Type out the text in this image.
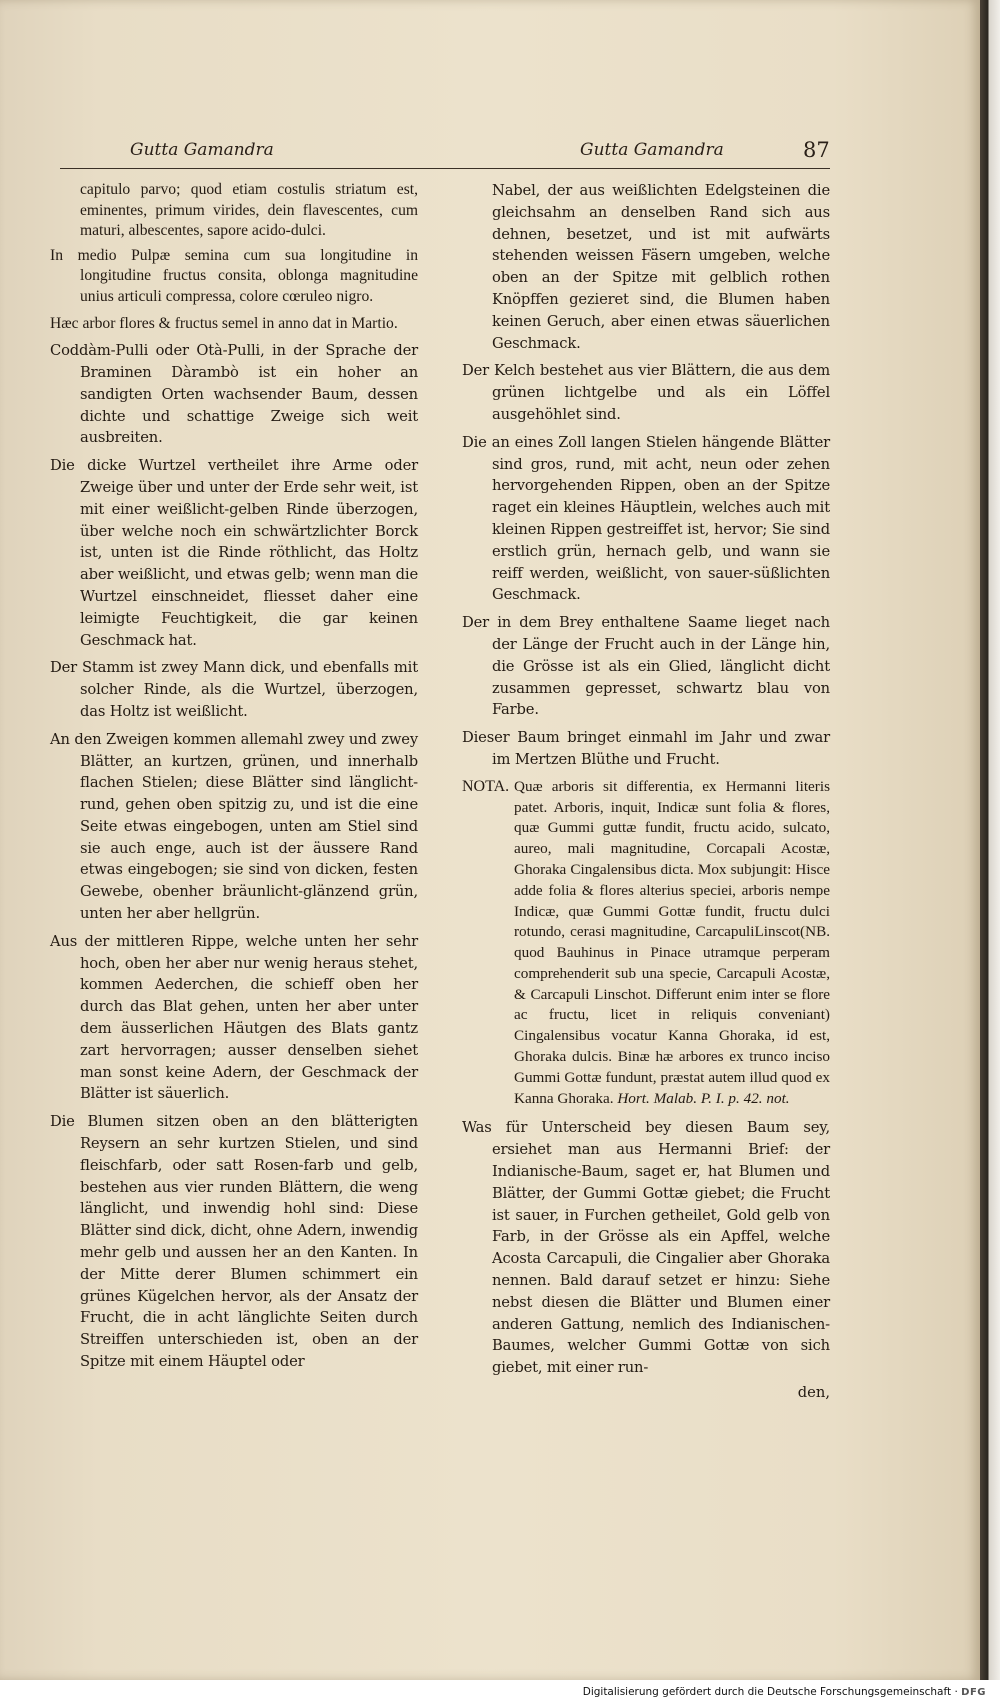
Gutta Gamandra	Gutta Gamandra	87

capitulo parvo; quod etiam costulis striatum est, eminentes, primum virides, dein flavescentes, cum maturi, albescentes, sapore acido-dulci.

In medio Pulpæ semina cum sua longitudine in longitudine fructus consita, oblonga magnitudine unius articuli compressa, colore cœruleo nigro.

Hæc arbor flores & fructus semel in anno dat in Martio.

Coddàm-Pulli oder Otà-Pulli, in der Sprache der Braminen Dàrambò ist ein hoher an sandigten Orten wachsender Baum, dessen dichte und schattige Zweige sich weit ausbreiten.

Die dicke Wurtzel vertheilet ihre Arme oder Zweige über und unter der Erde sehr weit, ist mit einer weißlicht-gelben Rinde überzogen, über welche noch ein schwärtzlichter Borck ist, unten ist die Rinde röthlicht, das Holtz aber weißlicht, und etwas gelb; wenn man die Wurtzel einschneidet, fliesset daher eine leimigte Feuchtigkeit, die gar keinen Geschmack hat.

Der Stamm ist zwey Mann dick, und ebenfalls mit solcher Rinde, als die Wurtzel, überzogen, das Holtz ist weißlicht.

An den Zweigen kommen allemahl zwey und zwey Blätter, an kurtzen, grünen, und innerhalb flachen Stielen; diese Blätter sind länglicht-rund, gehen oben spitzig zu, und ist die eine Seite etwas eingebogen, unten am Stiel sind sie auch enge, auch ist der äussere Rand etwas eingebogen; sie sind von dicken, festen Gewebe, obenher bräunlicht-glänzend grün, unten her aber hellgrün.

Aus der mittleren Rippe, welche unten her sehr hoch, oben her aber nur wenig heraus stehet, kommen Aederchen, die schieff oben her durch das Blat gehen, unten her aber unter dem äusserlichen Häutgen des Blats gantz zart hervorragen; ausser denselben siehet man sonst keine Adern, der Geschmack der Blätter ist säuerlich.

Die Blumen sitzen oben an den blätterigten Reysern an sehr kurtzen Stielen, und sind fleischfarb, oder satt Rosen-farb und gelb, bestehen aus vier runden Blättern, die weng länglicht, und inwendig hohl sind: Diese Blätter sind dick, dicht, ohne Adern, inwendig mehr gelb und aussen her an den Kanten. In der Mitte derer Blumen schimmert ein grünes Kügelchen hervor, als der Ansatz der Frucht, die in acht länglichte Seiten durch Streiffen unterschieden ist, oben an der Spitze mit einem Häuptel oder

Nabel, der aus weißlichten Edelgsteinen die gleichsahm an denselben Rand sich aus dehnen, besetzet, und ist mit aufwärts stehenden weissen Fäsern umgeben, welche oben an der Spitze mit gelblich rothen Knöpffen gezieret sind, die Blumen haben keinen Geruch, aber einen etwas säuerlichen Geschmack.

Der Kelch bestehet aus vier Blättern, die aus dem grünen lichtgelbe und als ein Löffel ausgehöhlet sind.

Die an eines Zoll langen Stielen hängende Blätter sind gros, rund, mit acht, neun oder zehen hervorgehenden Rippen, oben an der Spitze raget ein kleines Häuptlein, welches auch mit kleinen Rippen gestreiffet ist, hervor; Sie sind erstlich grün, hernach gelb, und wann sie reiff werden, weißlicht, von sauer-süßlichten Geschmack.

Der in dem Brey enthaltene Saame lieget nach der Länge der Frucht auch in der Länge hin, die Grösse ist als ein Glied, länglicht dicht zusammen gepresset, schwartz blau von Farbe.

Dieser Baum bringet einmahl im Jahr und zwar im Mertzen Blüthe und Frucht.

NOTA. Quæ arboris sit differentia, ex Hermanni literis patet. Arboris, inquit, Indicæ sunt folia & flores, quæ Gummi guttæ fundit, fructu acido, sulcato, aureo, mali magnitudine, Corcapali Acostæ, Ghoraka Cingalensibus dicta. Mox subjungit: Hisce adde folia & flores alterius speciei, arboris nempe Indicæ, quæ Gummi Gottæ fundit, fructu dulci rotundo, cerasi magnitudine, CarcapuliLinscot(NB. quod Bauhinus in Pinace utramque perperam comprehenderit sub una specie, Carcapuli Acostæ, & Carcapuli Linschot. Differunt enim inter se flore ac fructu, licet in reliquis conveniant) Cingalensibus vocatur Kanna Ghoraka, id est, Ghoraka dulcis. Binæ hæ arbores ex trunco inciso Gummi Gottæ fundunt, præstat autem illud quod ex Kanna Ghoraka. Hort. Malab. P. I. p. 42. not.

Was für Unterscheid bey diesen Baum sey, ersiehet man aus Hermanni Brief: der Indianische-Baum, saget er, hat Blumen und Blätter, der Gummi Gottæ giebet; die Frucht ist sauer, in Furchen getheilet, Gold gelb von Farb, in der Grösse als ein Apffel, welche Acosta Carcapuli, die Cingalier aber Ghoraka nennen. Bald darauf setzet er hinzu: Siehe nebst diesen die Blätter und Blumen einer anderen Gattung, nemlich des Indianischen-Baumes, welcher Gummi Gottæ von sich giebet, mit einer run-

den,
Digitalisierung gefördert durch die Deutsche Forschungsgemeinschaft · DFG
